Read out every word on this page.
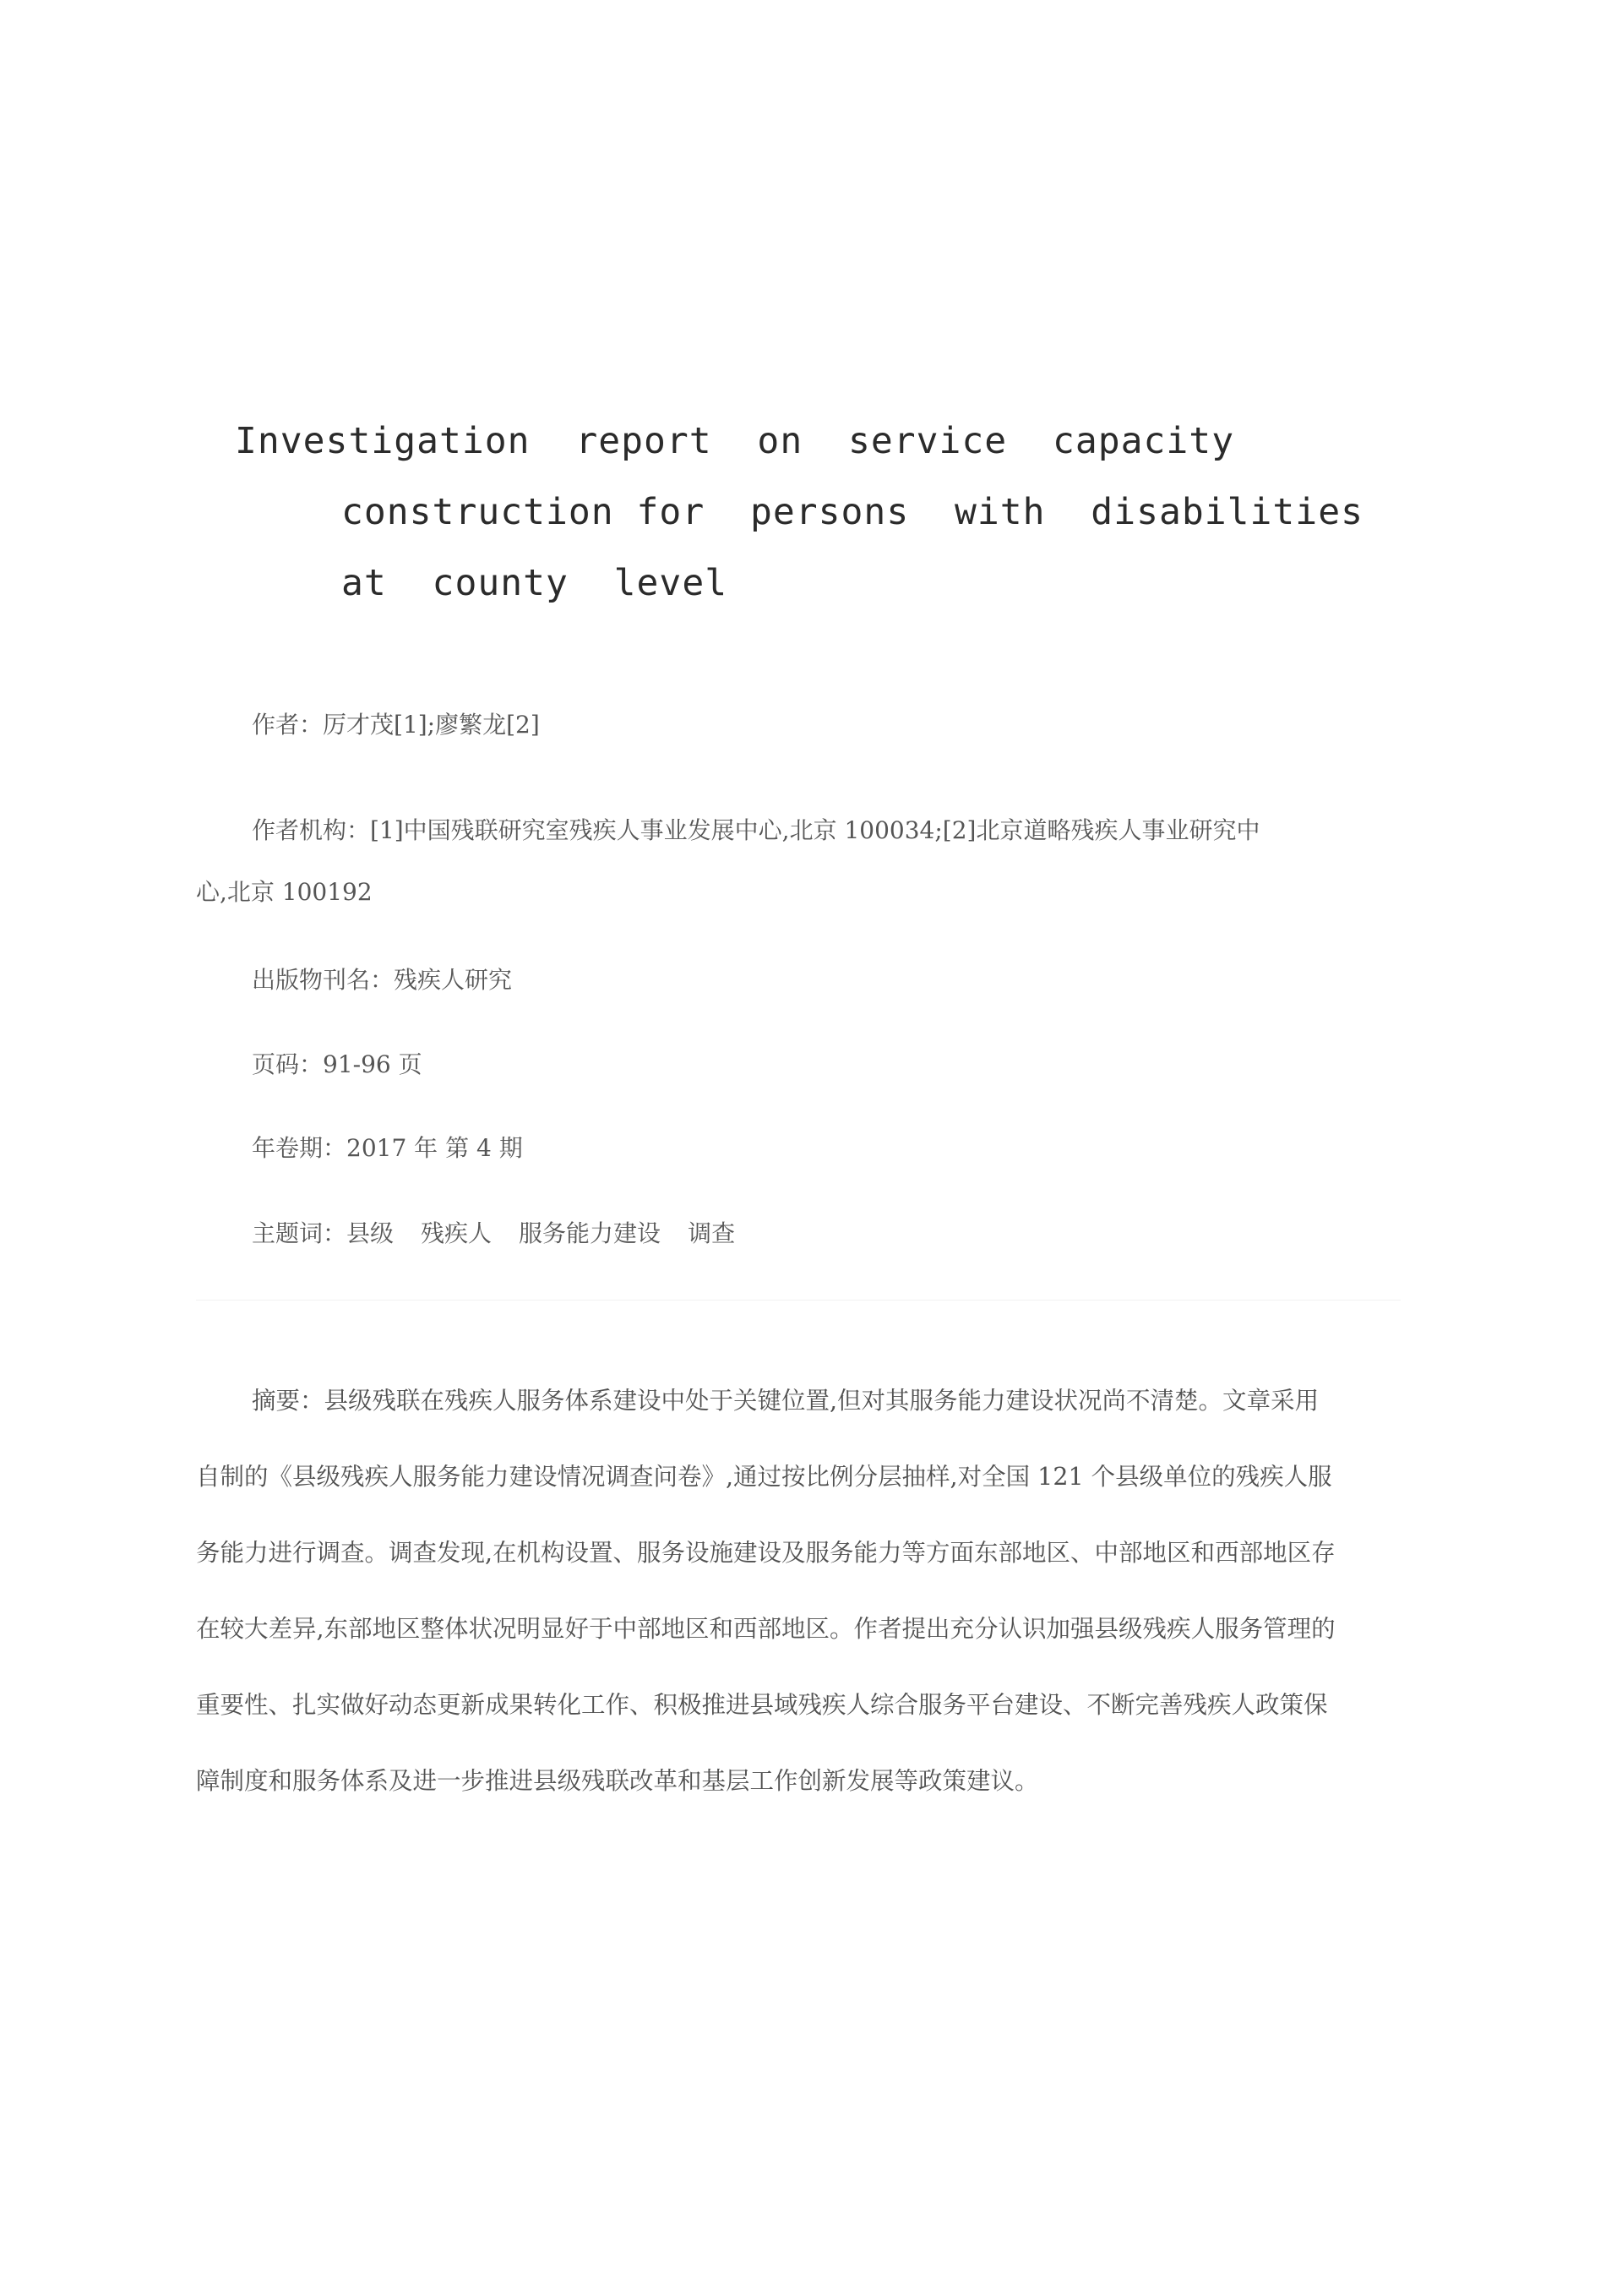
Investigation  report  on  service  capacity

construction for  persons  with  disabilities

at  county  level

作者：厉才茂[1];廖繁龙[2]
作者机构：[1]中国残联研究室残疾人事业发展中心,北京 100034;[2]北京道略残疾人事业研究中
心,北京 100192
出版物刊名：残疾人研究
页码：91-96 页
年卷期：2017 年 第 4 期
主题词：县级 残疾人 服务能力建设 调查
摘要：县级残联在残疾人服务体系建设中处于关键位置,但对其服务能力建设状况尚不清楚。文章采用
自制的《县级残疾人服务能力建设情况调查问卷》,通过按比例分层抽样,对全国 121 个县级单位的残疾人服
务能力进行调查。调查发现,在机构设置、服务设施建设及服务能力等方面东部地区、中部地区和西部地区存
在较大差异,东部地区整体状况明显好于中部地区和西部地区。作者提出充分认识加强县级残疾人服务管理的
重要性、扎实做好动态更新成果转化工作、积极推进县域残疾人综合服务平台建设、不断完善残疾人政策保
障制度和服务体系及进一步推进县级残联改革和基层工作创新发展等政策建议。
